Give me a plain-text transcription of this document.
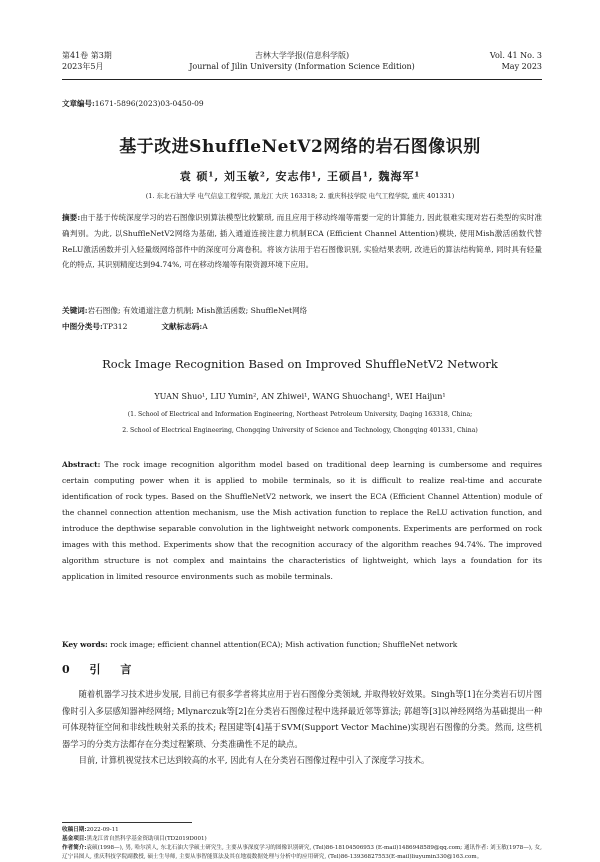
第41卷 第3期
2023年5月
吉林大学学报(信息科学版)
Journal of Jilin University (Information Science Edition)
Vol. 41 No. 3
May 2023
文章编号:1671-5896(2023)03-0450-09
基于改进ShuffleNetV2网络的岩石图像识别
袁 硕¹, 刘玉敏², 安志伟¹, 王硕昌¹, 魏海军¹
(1. 东北石油大学 电气信息工程学院, 黑龙江 大庆 163318; 2. 重庆科技学院 电气工程学院, 重庆 401331)
摘要:由于基于传统深度学习的岩石图像识别算法模型比较繁琐, 而且应用于移动终端等需要一定的计算能力, 因此很难实现对岩石类型的实时准确判别。为此, 以ShuffleNetV2网络为基础, 插入通道连接注意力机制ECA (Efficient Channel Attention)模块, 使用Mish激活函数代替ReLU激活函数并引入轻量级网络部件中的深度可分离卷积。将该方法用于岩石图像识别, 实验结果表明, 改进后的算法结构简单, 同时具有轻量化的特点, 其识别精度达到94.74%, 可在移动终端等有限资源环境下应用。
关键词:岩石图像; 有效通道注意力机制; Mish激活函数; ShuffleNet网络
中图分类号:TP312	文献标志码:A
Rock Image Recognition Based on Improved ShuffleNetV2 Network
YUAN Shuo¹, LIU Yumin², AN Zhiwei¹, WANG Shuochang¹, WEI Haijun¹
(1. School of Electrical and Information Engineering, Northeast Petroleum University, Daqing 163318, China;
2. School of Electrical Engineering, Chongqing University of Science and Technology, Chongqing 401331, China)
Abstract: The rock image recognition algorithm model based on traditional deep learning is cumbersome and requires certain computing power when it is applied to mobile terminals, so it is difficult to realize real-time and accurate identification of rock types. Based on the ShuffleNetV2 network, we insert the ECA (Efficient Channel Attention) module of the channel connection attention mechanism, use the Mish activation function to replace the ReLU activation function, and introduce the depthwise separable convolution in the lightweight network components. Experiments are performed on rock images with this method. Experiments show that the recognition accuracy of the algorithm reaches 94.74%. The improved algorithm structure is not complex and maintains the characteristics of lightweight, which lays a foundation for its application in limited resource environments such as mobile terminals.
Key words: rock image; efficient channel attention(ECA); Mish activation function; ShuffleNet network
0 引 言

随着机器学习技术进步发展, 目前已有很多学者将其应用于岩石图像分类领域, 并取得较好效果。Singh等[1]在分类岩石切片图像时引入多层感知器神经网络; Mlynarczuk等[2]在分类岩石图像过程中选择最近邻等算法; 郭超等[3]以神经网络为基础提出一种可体现特征空间和非线性映射关系的技术; 程国建等[4]基于SVM(Support Vector Machine)实现岩石图像的分类。然而, 这些机器学习的分类方法都存在分类过程繁琐、分类准确性不足的缺点。

目前, 计算机视觉技术已达到较高的水平, 因此有人在分类岩石图像过程中引入了深度学习技术。

收稿日期:2022-09-11
基金项目:黑龙江省自然科学基金资助项目(TD2019D001)
作者简介:袁硕(1998—), 男, 哈尔滨人, 东北石油大学硕士研究生, 主要从事深度学习的图像识别研究, (Tel)86-18104506953 (E-mail)1486948589@qq.com; 通讯作者: 刘玉敏(1978—), 女, 辽宁昌图人, 重庆科技学院副教授, 硕士生导师, 主要从事智能算法及其在地震数据处理与分析中的应用研究, (Tel)86-13936827553(E-mail)liuyumin330@163.com。
